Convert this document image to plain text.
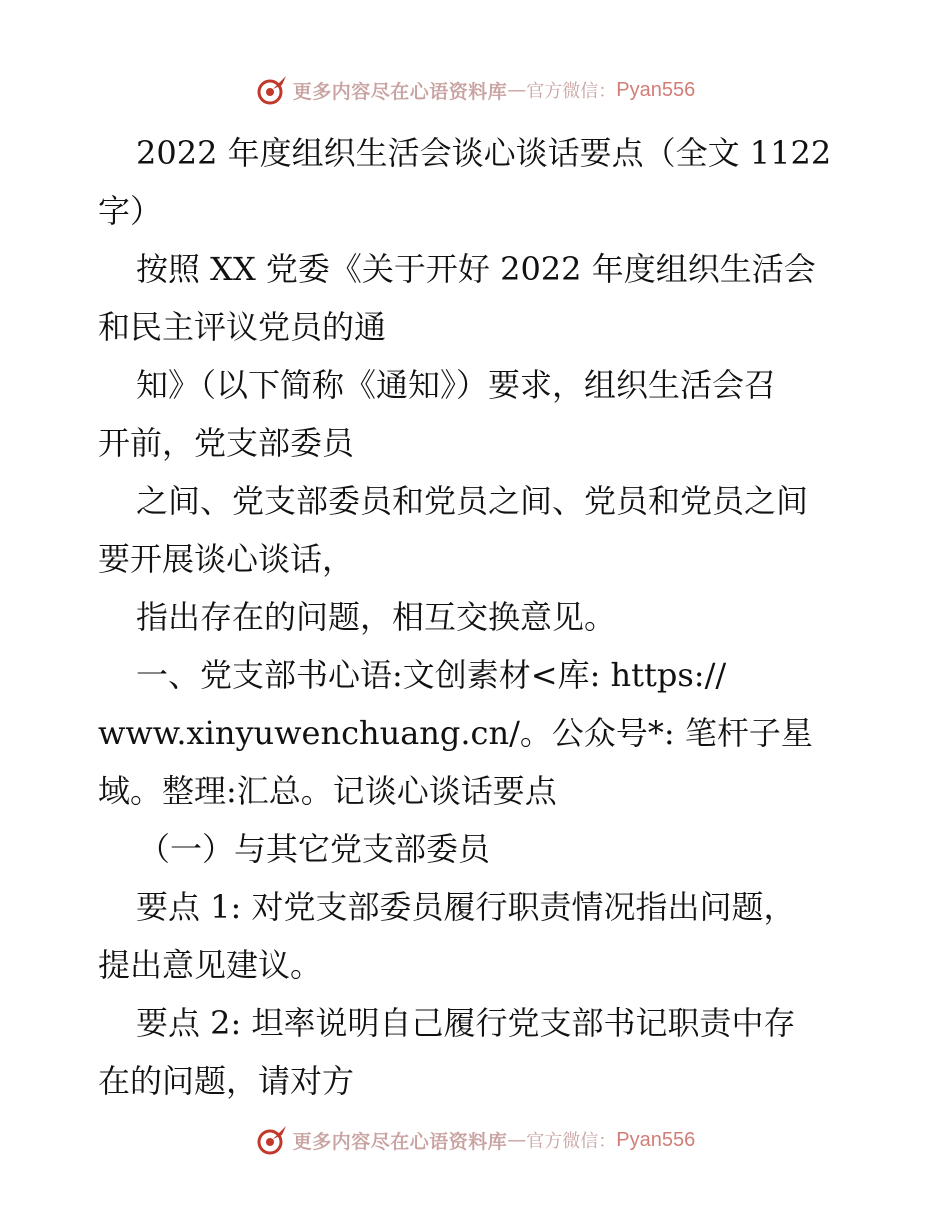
更多内容尽在心语资料库 — 官方微信： Pyan556
2022 年度组织生活会谈心谈话要点（全文 1122
字）
按照 XX 党委《关于开好 2022 年度组织生活会
和民主评议党员的通
知》（以下简称《通知》）要求，组织生活会召
开前，党支部委员
之间、党支部委员和党员之间、党员和党员之间
要开展谈心谈话，
指出存在的问题，相互交换意见。
一、党支部书心语:文创素材<库: https://
www.xinyuwenchuang.cn/。公众号*: 笔杆子星
域。整理:汇总。记谈心谈话要点
（一）与其它党支部委员
要点 1: 对党支部委员履行职责情况指出问题，
提出意见建议。
要点 2: 坦率说明自己履行党支部书记职责中存
在的问题，请对方
更多内容尽在心语资料库 — 官方微信： Pyan556
